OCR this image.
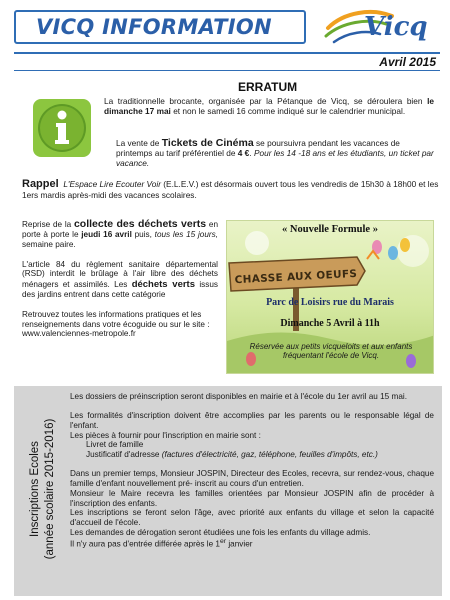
VICQ INFORMATION	Vicq
Avril 2015
ERRATUM
La traditionnelle brocante, organisée par la Pétanque de Vicq, se déroulera bien le dimanche 17 mai et non le samedi 16 comme indiqué sur le calendrier municipal.
La vente de Tickets de Cinéma se poursuivra pendant les vacances de printemps au tarif préférentiel de 4 €. Pour les 14 -18 ans et les étudiants, un ticket par vacance.
Rappel L'Espace Lire Ecouter Voir (E.L.E.V.) est désormais ouvert tous les vendredis de 15h30 à 18h00 et les 1ers mardis après-midi des vacances scolaires.

Reprise de la collecte des déchets verts en porte à porte le jeudi 16 avril puis, tous les 15 jours, semaine paire.

L'article 84 du règlement sanitaire départemental (RSD) interdit le brûlage à l'air libre des déchets ménagers et assimilés. Les déchets verts issus des jardins entrent dans cette catégorie

Retrouvez toutes les informations pratiques et les renseignements dans votre écoguide ou sur le site :
www.valenciennes-metropole.fr

« Nouvelle Formule »
CHASSE AUX OEUFS
Parc de Loisirs rue du Marais
Dimanche 5 Avril à 11h
Réservée aux petits vicqueloits et aux enfants fréquentant l'école de Vicq.
Inscriptions Ecoles (année scolaire 2015-2016)

Les dossiers de préinscription seront disponibles en mairie et à l'école du 1er avril au 15 mai.

Les formalités d'inscription doivent être accomplies par les parents ou le responsable légal de l'enfant.

Les pièces à fournir pour l'inscription en mairie sont :

Livret de famille

Justificatif d'adresse (factures d'électricité, gaz, téléphone, feuilles d'impôts, etc.)

Dans un premier temps, Monsieur JOSPIN, Directeur des Ecoles, recevra, sur rendez-vous, chaque famille d'enfant nouvellement pré- inscrit au cours d'un entretien.

Monsieur le Maire recevra les familles orientées par Monsieur JOSPIN afin de procéder à l'inscription des enfants.

Les inscriptions se feront selon l'âge, avec priorité aux enfants du village et selon la capacité d'accueil de l'école.

Les demandes de dérogation seront étudiées une fois les enfants du village admis.

Il n'y aura pas d'entrée différée après le 1er janvier
